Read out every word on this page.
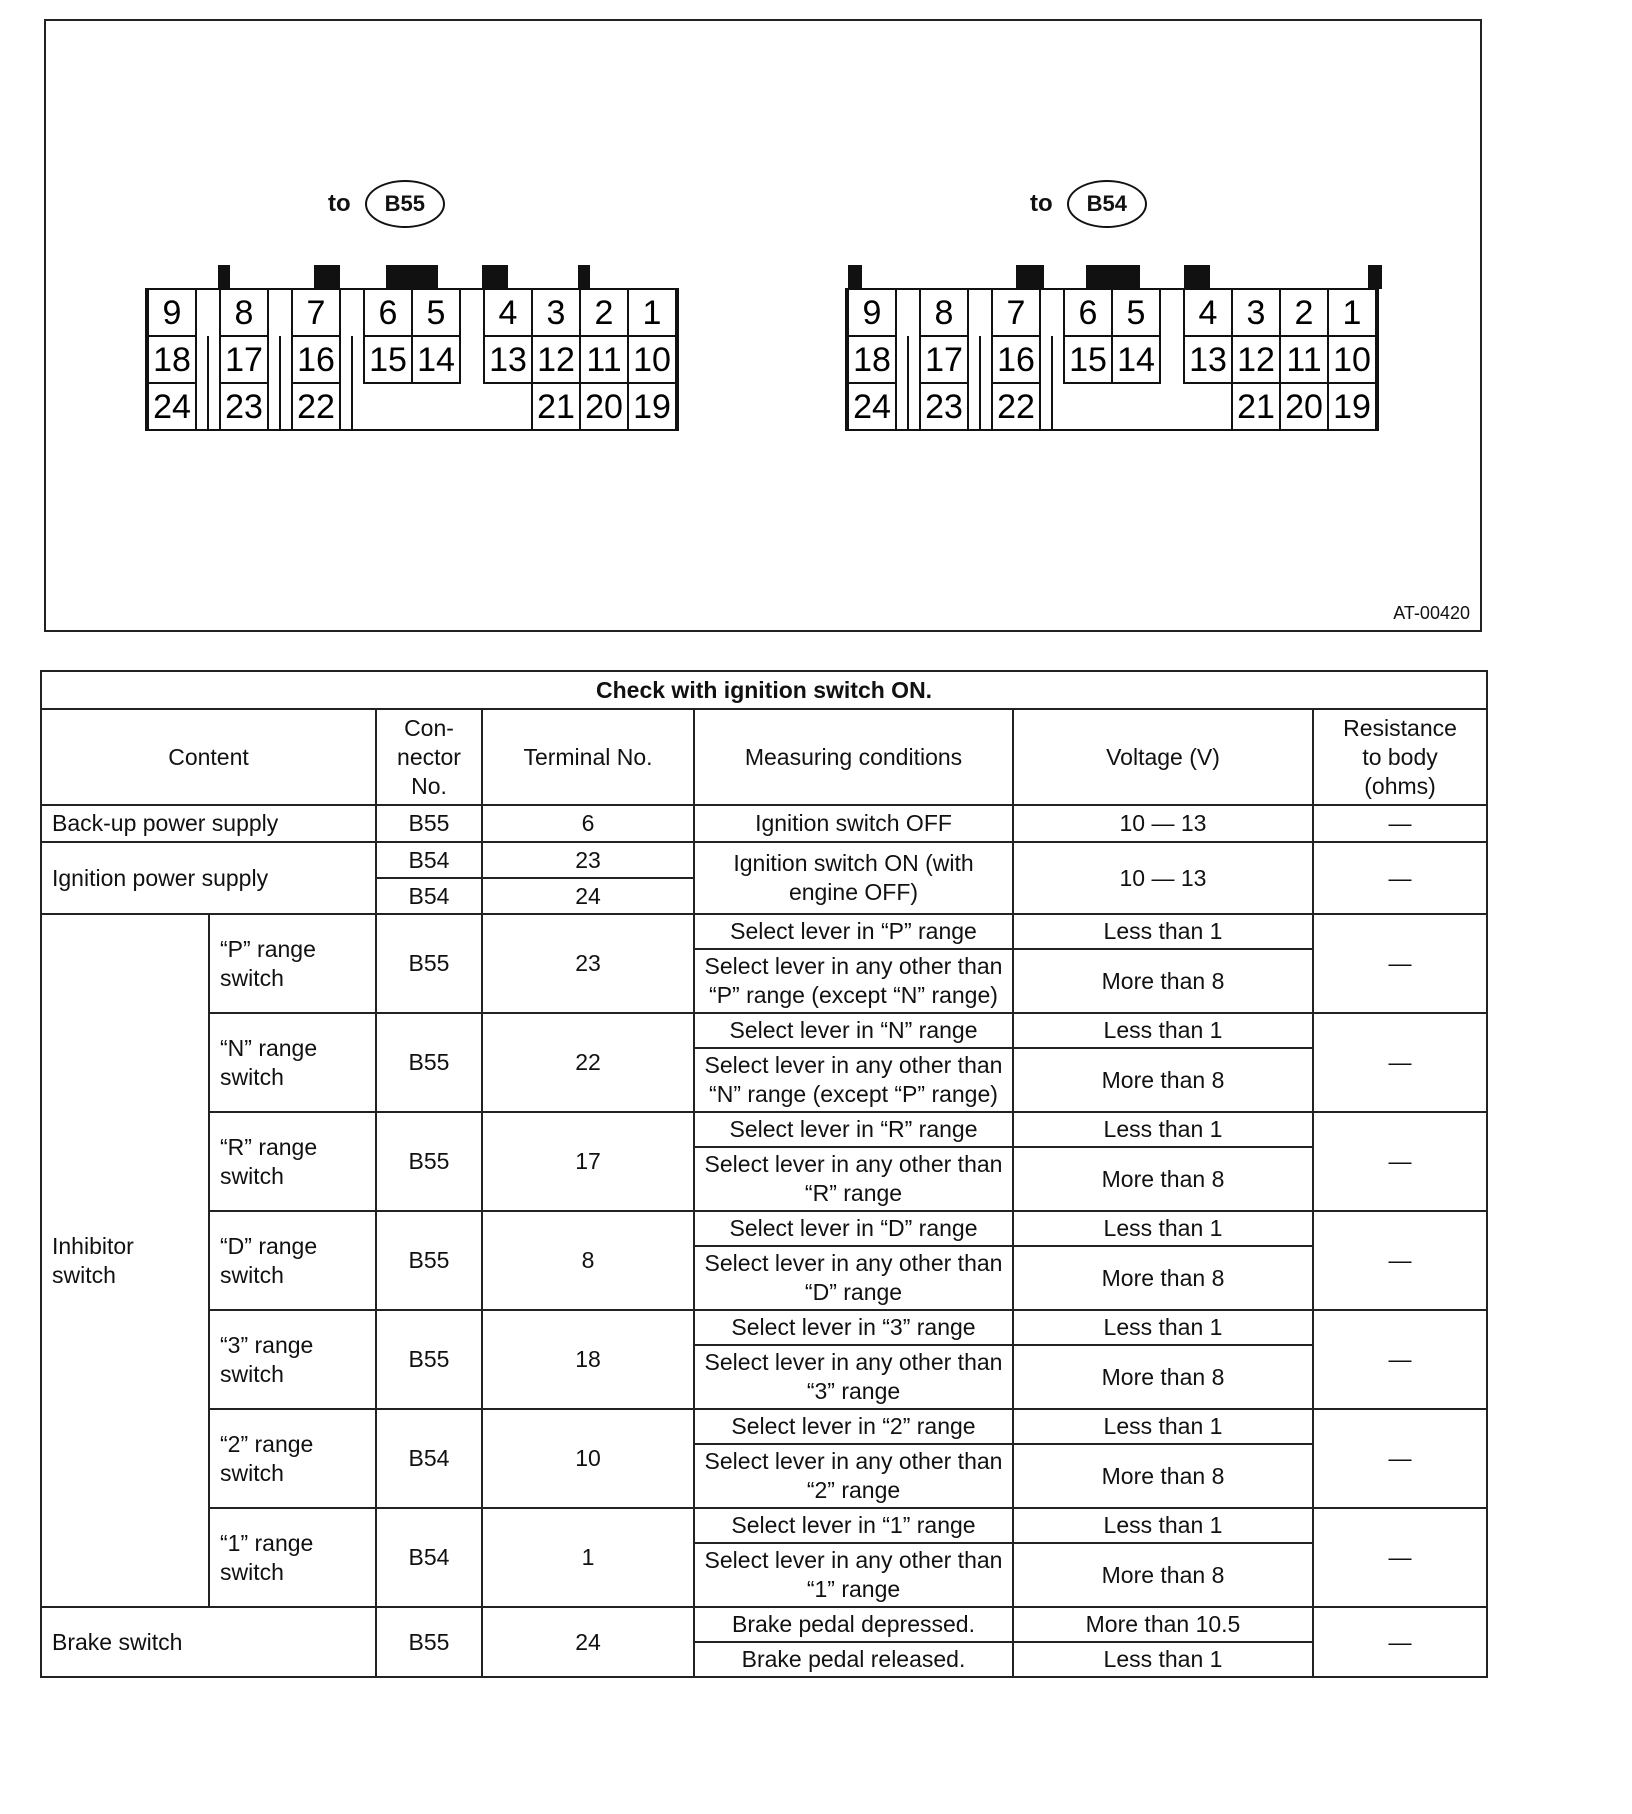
to	B55	to	B54
9 8 7 6 5 4 3 2 1
18 17 16 15 14 13 12 11 10
24 23 22	21 20 19
9 8 7 6 5 4 3 2 1
18 17 16 15 14 13 12 11 10
24 23 22	21 20 19
AT-00420
Check with ignition switch ON.						
Content		Con-
nector
No.	Terminal No.	Measuring conditions	Voltage (V)	Resistance
to body
(ohms)
Back-up power supply		B55	6	Ignition switch OFF	10 — 13	—
Ignition power supply		B54	23	Ignition switch ON (with engine OFF)	10 — 13	—
		B54	24			
Inhibitor
switch	“P” range
switch	B55	23	Select lever in “P” range	Less than 1	—
				Select lever in any other than “P” range (except “N” range)	More than 8	
	“N” range
switch	B55	22	Select lever in “N” range	Less than 1	—
				Select lever in any other than “N” range (except “P” range)	More than 8	
	“R” range
switch	B55	17	Select lever in “R” range	Less than 1	—
				Select lever in any other than “R” range	More than 8	
	“D” range
switch	B55	8	Select lever in “D” range	Less than 1	—
				Select lever in any other than “D” range	More than 8	
	“3” range
switch	B55	18	Select lever in “3” range	Less than 1	—
				Select lever in any other than “3” range	More than 8	
	“2” range
switch	B54	10	Select lever in “2” range	Less than 1	—
				Select lever in any other than “2” range	More than 8	
	“1” range
switch	B54	1	Select lever in “1” range	Less than 1	—
				Select lever in any other than “1” range	More than 8	
Brake switch		B55	24	Brake pedal depressed.	More than 10.5	—
				Brake pedal released.	Less than 1	
